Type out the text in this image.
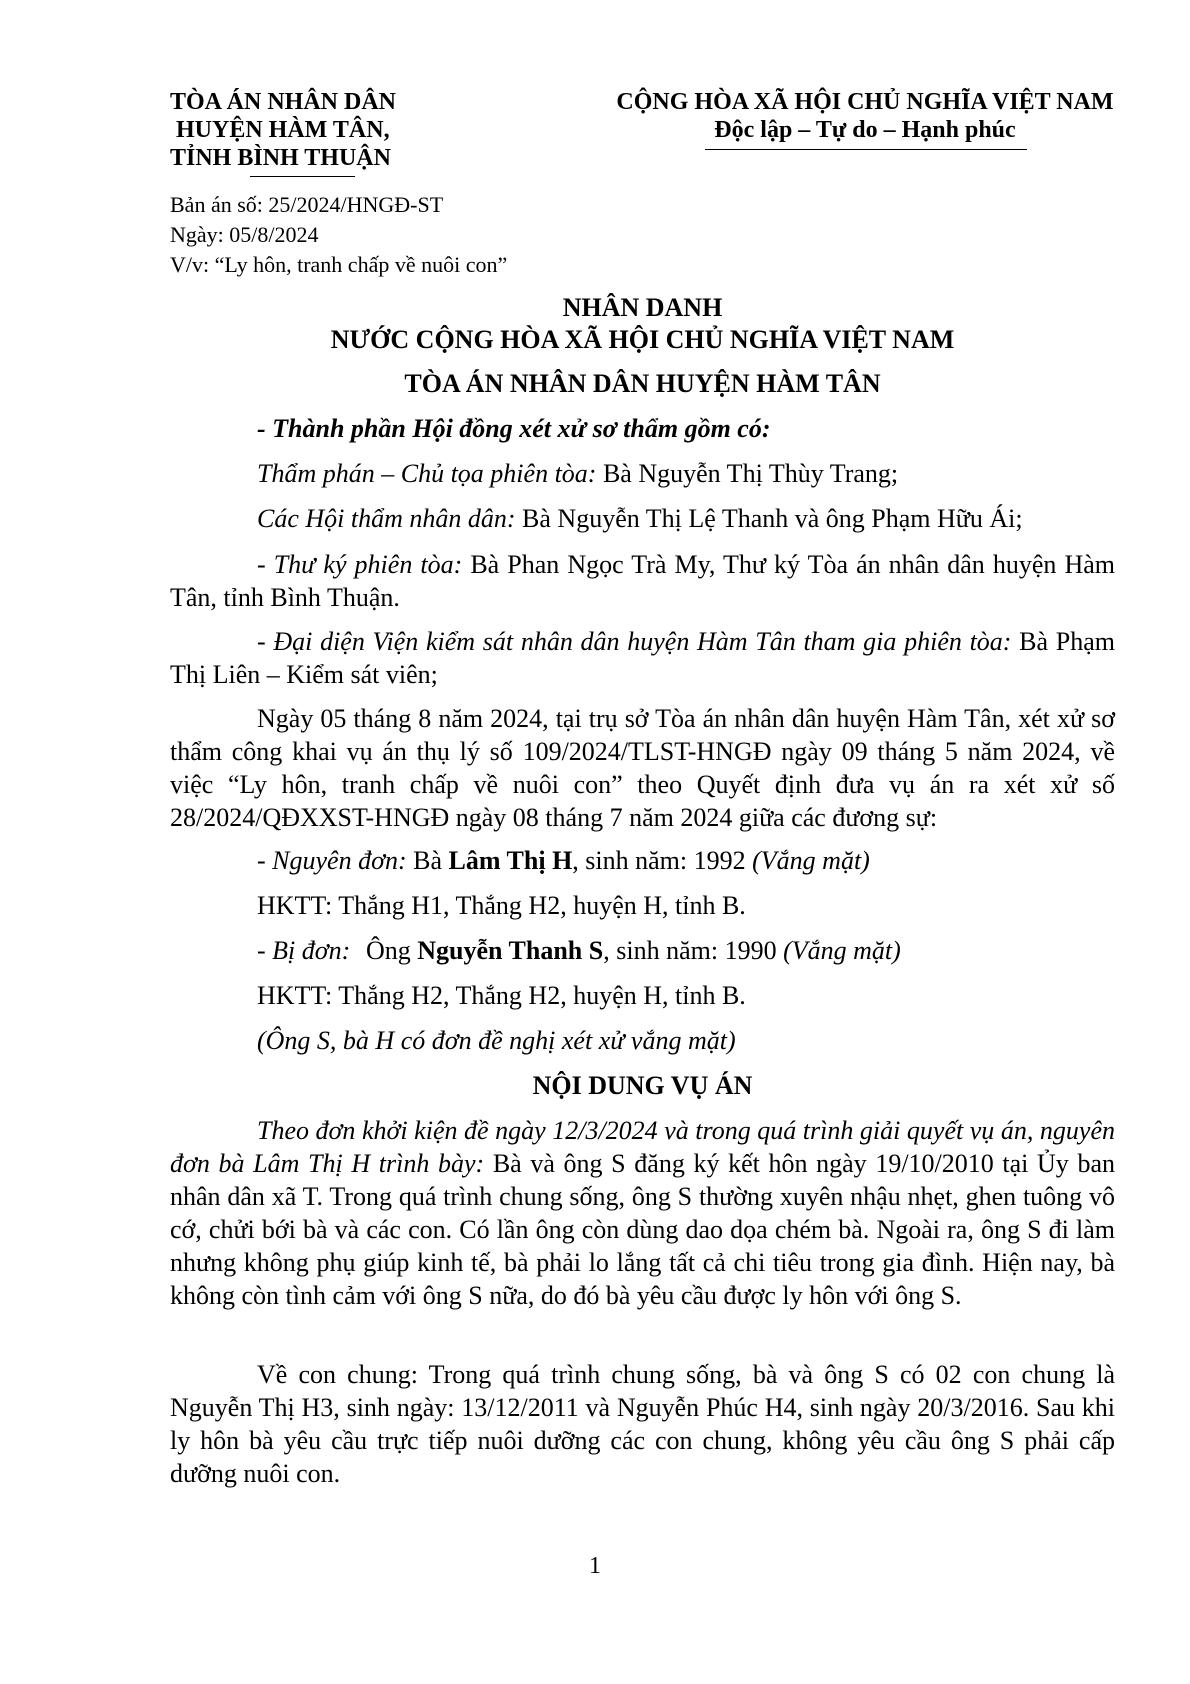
TÒA ÁN NHÂN DÂN
HUYỆN HÀM TÂN,
TỈNH BÌNH THUẬN
CỘNG HÒA XÃ HỘI CHỦ NGHĨA VIỆT NAM
Độc lập – Tự do – Hạnh phúc
Bản án số: 25/2024/HNGĐ-ST
Ngày: 05/8/2024
V/v: “Ly hôn, tranh chấp về nuôi con”
NHÂN DANH
NƯỚC CỘNG HÒA XÃ HỘI CHỦ NGHĨA VIỆT NAM
TÒA ÁN NHÂN DÂN HUYỆN HÀM TÂN
- Thành phần Hội đồng xét xử sơ thẩm gồm có:
Thẩm phán – Chủ tọa phiên tòa: Bà Nguyễn Thị Thùy Trang;
Các Hội thẩm nhân dân: Bà Nguyễn Thị Lệ Thanh và ông Phạm Hữu Ái;
- Thư ký phiên tòa: Bà Phan Ngọc Trà My, Thư ký Tòa án nhân dân huyện Hàm Tân, tỉnh Bình Thuận.
- Đại diện Viện kiểm sát nhân dân huyện Hàm Tân tham gia phiên tòa: Bà Phạm Thị Liên – Kiểm sát viên;
Ngày 05 tháng 8 năm 2024, tại trụ sở Tòa án nhân dân huyện Hàm Tân, xét xử sơ thẩm công khai vụ án thụ lý số 109/2024/TLST-HNGĐ ngày 09 tháng 5 năm 2024, về việc “Ly hôn, tranh chấp về nuôi con” theo Quyết định đưa vụ án ra xét xử số 28/2024/QĐXXST-HNGĐ ngày 08 tháng 7 năm 2024 giữa các đương sự:
- Nguyên đơn: Bà Lâm Thị H, sinh năm: 1992 (Vắng mặt)
HKTT: Thắng H1, Thắng H2, huyện H, tỉnh B.
- Bị đơn: Ông Nguyễn Thanh S, sinh năm: 1990 (Vắng mặt)
HKTT: Thắng H2, Thắng H2, huyện H, tỉnh B.
(Ông S, bà H có đơn đề nghị xét xử vắng mặt)
NỘI DUNG VỤ ÁN
Theo đơn khởi kiện đề ngày 12/3/2024 và trong quá trình giải quyết vụ án, nguyên đơn bà Lâm Thị H trình bày: Bà và ông S đăng ký kết hôn ngày 19/10/2010 tại Ủy ban nhân dân xã T. Trong quá trình chung sống, ông S thường xuyên nhậu nhẹt, ghen tuông vô cớ, chửi bới bà và các con. Có lần ông còn dùng dao dọa chém bà. Ngoài ra, ông S đi làm nhưng không phụ giúp kinh tế, bà phải lo lắng tất cả chi tiêu trong gia đình. Hiện nay, bà không còn tình cảm với ông S nữa, do đó bà yêu cầu được ly hôn với ông S.
Về con chung: Trong quá trình chung sống, bà và ông S có 02 con chung là Nguyễn Thị H3, sinh ngày: 13/12/2011 và Nguyễn Phúc H4, sinh ngày 20/3/2016. Sau khi ly hôn bà yêu cầu trực tiếp nuôi dưỡng các con chung, không yêu cầu ông S phải cấp dưỡng nuôi con.
1
